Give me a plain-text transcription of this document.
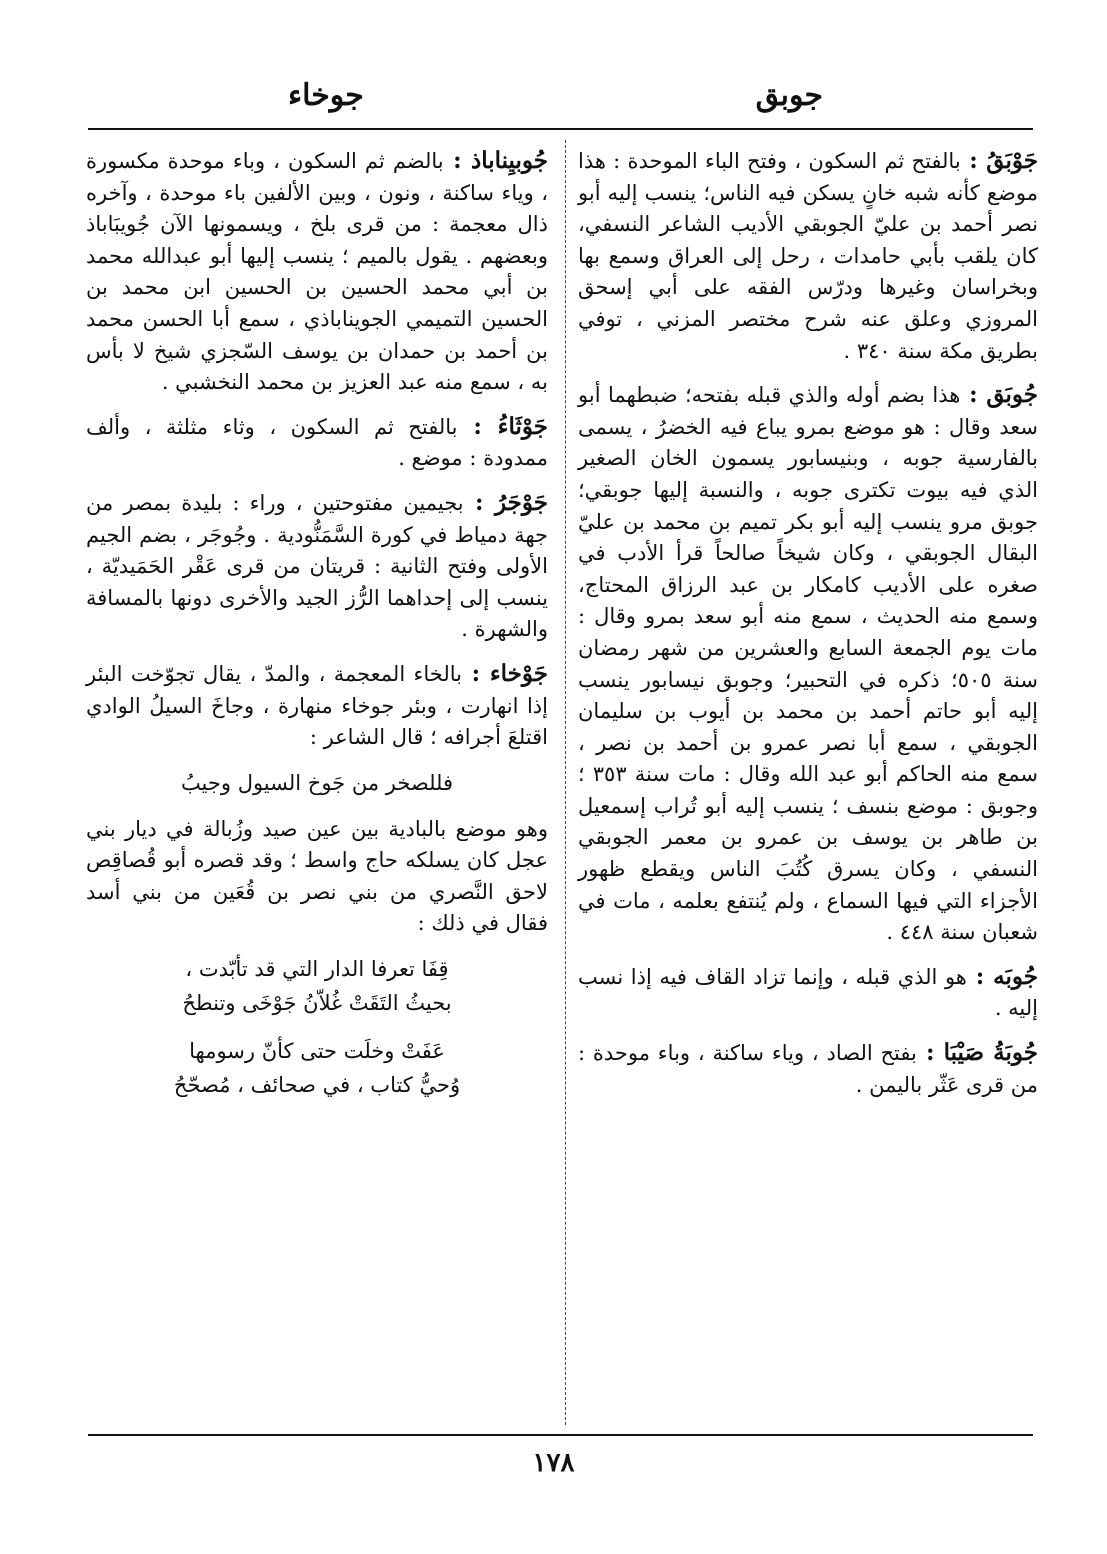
جوبق
جوخاء
جَوْبَقُ : بالفتح ثم السكون ، وفتح الباء الموحدة : هذا موضع كأنه شبه خانٍ يسكن فيه الناس؛ ينسب إليه أبو نصر أحمد بن عليّ الجوبقي الأديب الشاعر النسفي، كان يلقب بأبي حامدات ، رحل إلى العراق وسمع بها وبخراسان وغيرها ودرّس الفقه على أبي إسحق المروزي وعلق عنه شرح مختصر المزني ، توفي بطريق مكة سنة ٣٤٠ .
جُوبَق : هذا بضم أوله والذي قبله بفتحه؛ ضبطهما أبو سعد وقال : هو موضع بمرو يباع فيه الخضرُ ، يسمى بالفارسية جوبه ، وبنيسابور يسمون الخان الصغير الذي فيه بيوت تكترى جوبه ، والنسبة إليها جوبقي؛ جوبق مرو ينسب إليه أبو بكر تميم بن محمد بن عليّ البقال الجوبقي ، وكان شيخاً صالحاً قرأ الأدب في صغره على الأديب كامكار بن عبد الرزاق المحتاج، وسمع منه الحديث ، سمع منه أبو سعد بمرو وقال : مات يوم الجمعة السابع والعشرين من شهر رمضان سنة ٥٠٥؛ ذكره في التحبير؛ وجوبق نيسابور ينسب إليه أبو حاتم أحمد بن محمد بن أيوب بن سليمان الجوبقي ، سمع أبا نصر عمرو بن أحمد بن نصر ، سمع منه الحاكم أبو عبد الله وقال : مات سنة ٣٥٣ ؛ وجوبق : موضع بنسف ؛ ينسب إليه أبو تُراب إسمعيل بن طاهر بن يوسف بن عمرو بن معمر الجوبقي النسفي ، وكان يسرق كُتُبَ الناس ويقطع ظهور الأجزاء التي فيها السماع ، ولم يُنتفع بعلمه ، مات في شعبان سنة ٤٤٨ .
جُوبَه : هو الذي قبله ، وإنما تزاد القاف فيه إذا نسب إليه .
جُوبَةُ صَيْبَا : بفتح الصاد ، وياء ساكنة ، وباء موحدة : من قرى عَثّر باليمن .
جُوبيِناباذ : بالضم ثم السكون ، وباء موحدة مكسورة ، وياء ساكنة ، ونون ، وبين الألفين باء موحدة ، وآخره ذال معجمة : من قرى بلخ ، ويسمونها الآن جُويبَاباذ وبعضهم . يقول بالميم ؛ ينسب إليها أبو عبدالله محمد بن أبي محمد الحسين بن الحسين ابن محمد بن الحسين التميمي الجويناباذي ، سمع أبا الحسن محمد بن أحمد بن حمدان بن يوسف السّجزي شيخ لا بأس به ، سمع منه عبد العزيز بن محمد النخشبي .
جَوْثَاءُ : بالفتح ثم السكون ، وثاء مثلثة ، وألف ممدودة : موضع .
جَوْجَرُ : بجيمين مفتوحتين ، وراء : بليدة بمصر من جهة دمياط في كورة السَّمَنُّودية . وجُوجَر ، بضم الجيم الأولى وفتح الثانية : قريتان من قرى عَقْر الحَمَيديّة ، ينسب إلى إحداهما الرُّز الجيد والأخرى دونها بالمسافة والشهرة .
جَوْخاء : بالخاء المعجمة ، والمدّ ، يقال تجوّخت البئر إذا انهارت ، وبئر جوخاء منهارة ، وجاخَ السيلُ الوادي اقتلعَ أجرافه ؛ قال الشاعر :
فللصخر من جَوخ السيول وجيبُ
وهو موضع بالبادية بين عين صيد وزُبالة في ديار بني عجل كان يسلكه حاج واسط ؛ وقد قصره أبو قُصاقِص لاحق النَّصري من بني نصر بن قُعَين من بني أسد فقال في ذلك :
قِفَا تعرفا الدار التي قد تأبّدت ،
بحيثُ التَقَتْ غُلاّنُ جَوْخَى وتنطحُ
عَفَتْ وخلَت حتى كأنّ رسومها
وُحيُّ كتاب ، في صحائف ، مُصحّحُ
١٧٨
